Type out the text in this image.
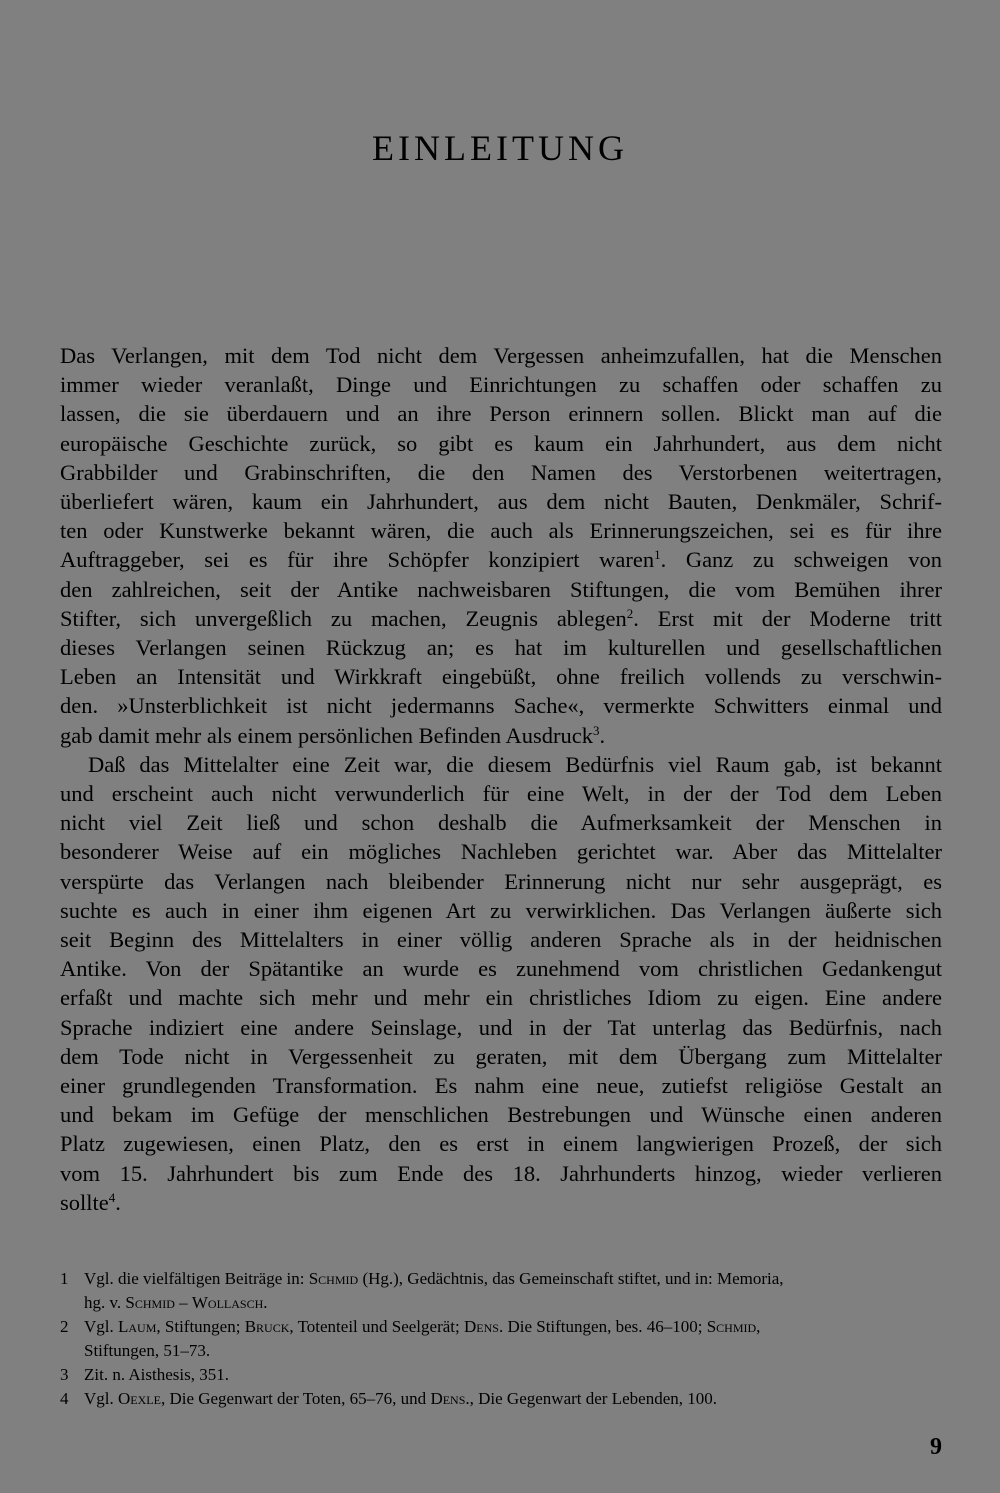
EINLEITUNG

Das Verlangen, mit dem Tod nicht dem Vergessen anheimzufallen, hat die Menschen
immer wieder veranlaßt, Dinge und Einrichtungen zu schaffen oder schaffen zu
lassen, die sie überdauern und an ihre Person erinnern sollen. Blickt man auf die
europäische Geschichte zurück, so gibt es kaum ein Jahrhundert, aus dem nicht
Grabbilder und Grabinschriften, die den Namen des Verstorbenen weitertragen,
überliefert wären, kaum ein Jahrhundert, aus dem nicht Bauten, Denkmäler, Schrif-
ten oder Kunstwerke bekannt wären, die auch als Erinnerungszeichen, sei es für ihre
Auftraggeber, sei es für ihre Schöpfer konzipiert waren$^1$. Ganz zu schweigen von
den zahlreichen, seit der Antike nachweisbaren Stiftungen, die vom Bemühen ihrer
Stifter, sich unvergeßlich zu machen, Zeugnis ablegen$^2$. Erst mit der Moderne tritt
dieses Verlangen seinen Rückzug an; es hat im kulturellen und gesellschaftlichen
Leben an Intensität und Wirkkraft eingebüßt, ohne freilich vollends zu verschwin-
den. »Unsterblichkeit ist nicht jedermanns Sache«, vermerkte Schwitters einmal und
gab damit mehr als einem persönlichen Befinden Ausdruck$^3$.

Daß das Mittelalter eine Zeit war, die diesem Bedürfnis viel Raum gab, ist bekannt
und erscheint auch nicht verwunderlich für eine Welt, in der der Tod dem Leben
nicht viel Zeit ließ und schon deshalb die Aufmerksamkeit der Menschen in
besonderer Weise auf ein mögliches Nachleben gerichtet war. Aber das Mittelalter
verspürte das Verlangen nach bleibender Erinnerung nicht nur sehr ausgeprägt, es
suchte es auch in einer ihm eigenen Art zu verwirklichen. Das Verlangen äußerte sich
seit Beginn des Mittelalters in einer völlig anderen Sprache als in der heidnischen
Antike. Von der Spätantike an wurde es zunehmend vom christlichen Gedankengut
erfaßt und machte sich mehr und mehr ein christliches Idiom zu eigen. Eine andere
Sprache indiziert eine andere Seinslage, und in der Tat unterlag das Bedürfnis, nach
dem Tode nicht in Vergessenheit zu geraten, mit dem Übergang zum Mittelalter
einer grundlegenden Transformation. Es nahm eine neue, zutiefst religiöse Gestalt an
und bekam im Gefüge der menschlichen Bestrebungen und Wünsche einen anderen
Platz zugewiesen, einen Platz, den es erst in einem langwierigen Prozeß, der sich
vom 15. Jahrhundert bis zum Ende des 18. Jahrhunderts hinzog, wieder verlieren
sollte$^4$.

1 Vgl. die vielfältigen Beiträge in: Schmid (Hg.), Gedächtnis, das Gemeinschaft stiftet, und in: Memoria,
hg. v. Schmid – Wollasch.
2 Vgl. Laum, Stiftungen; Bruck, Totenteil und Seelgerät; Dens. Die Stiftungen, bes. 46–100; Schmid,
Stiftungen, 51–73.
3 Zit. n. Aisthesis, 351.
4 Vgl. Oexle, Die Gegenwart der Toten, 65–76, und Dens., Die Gegenwart der Lebenden, 100.
9
